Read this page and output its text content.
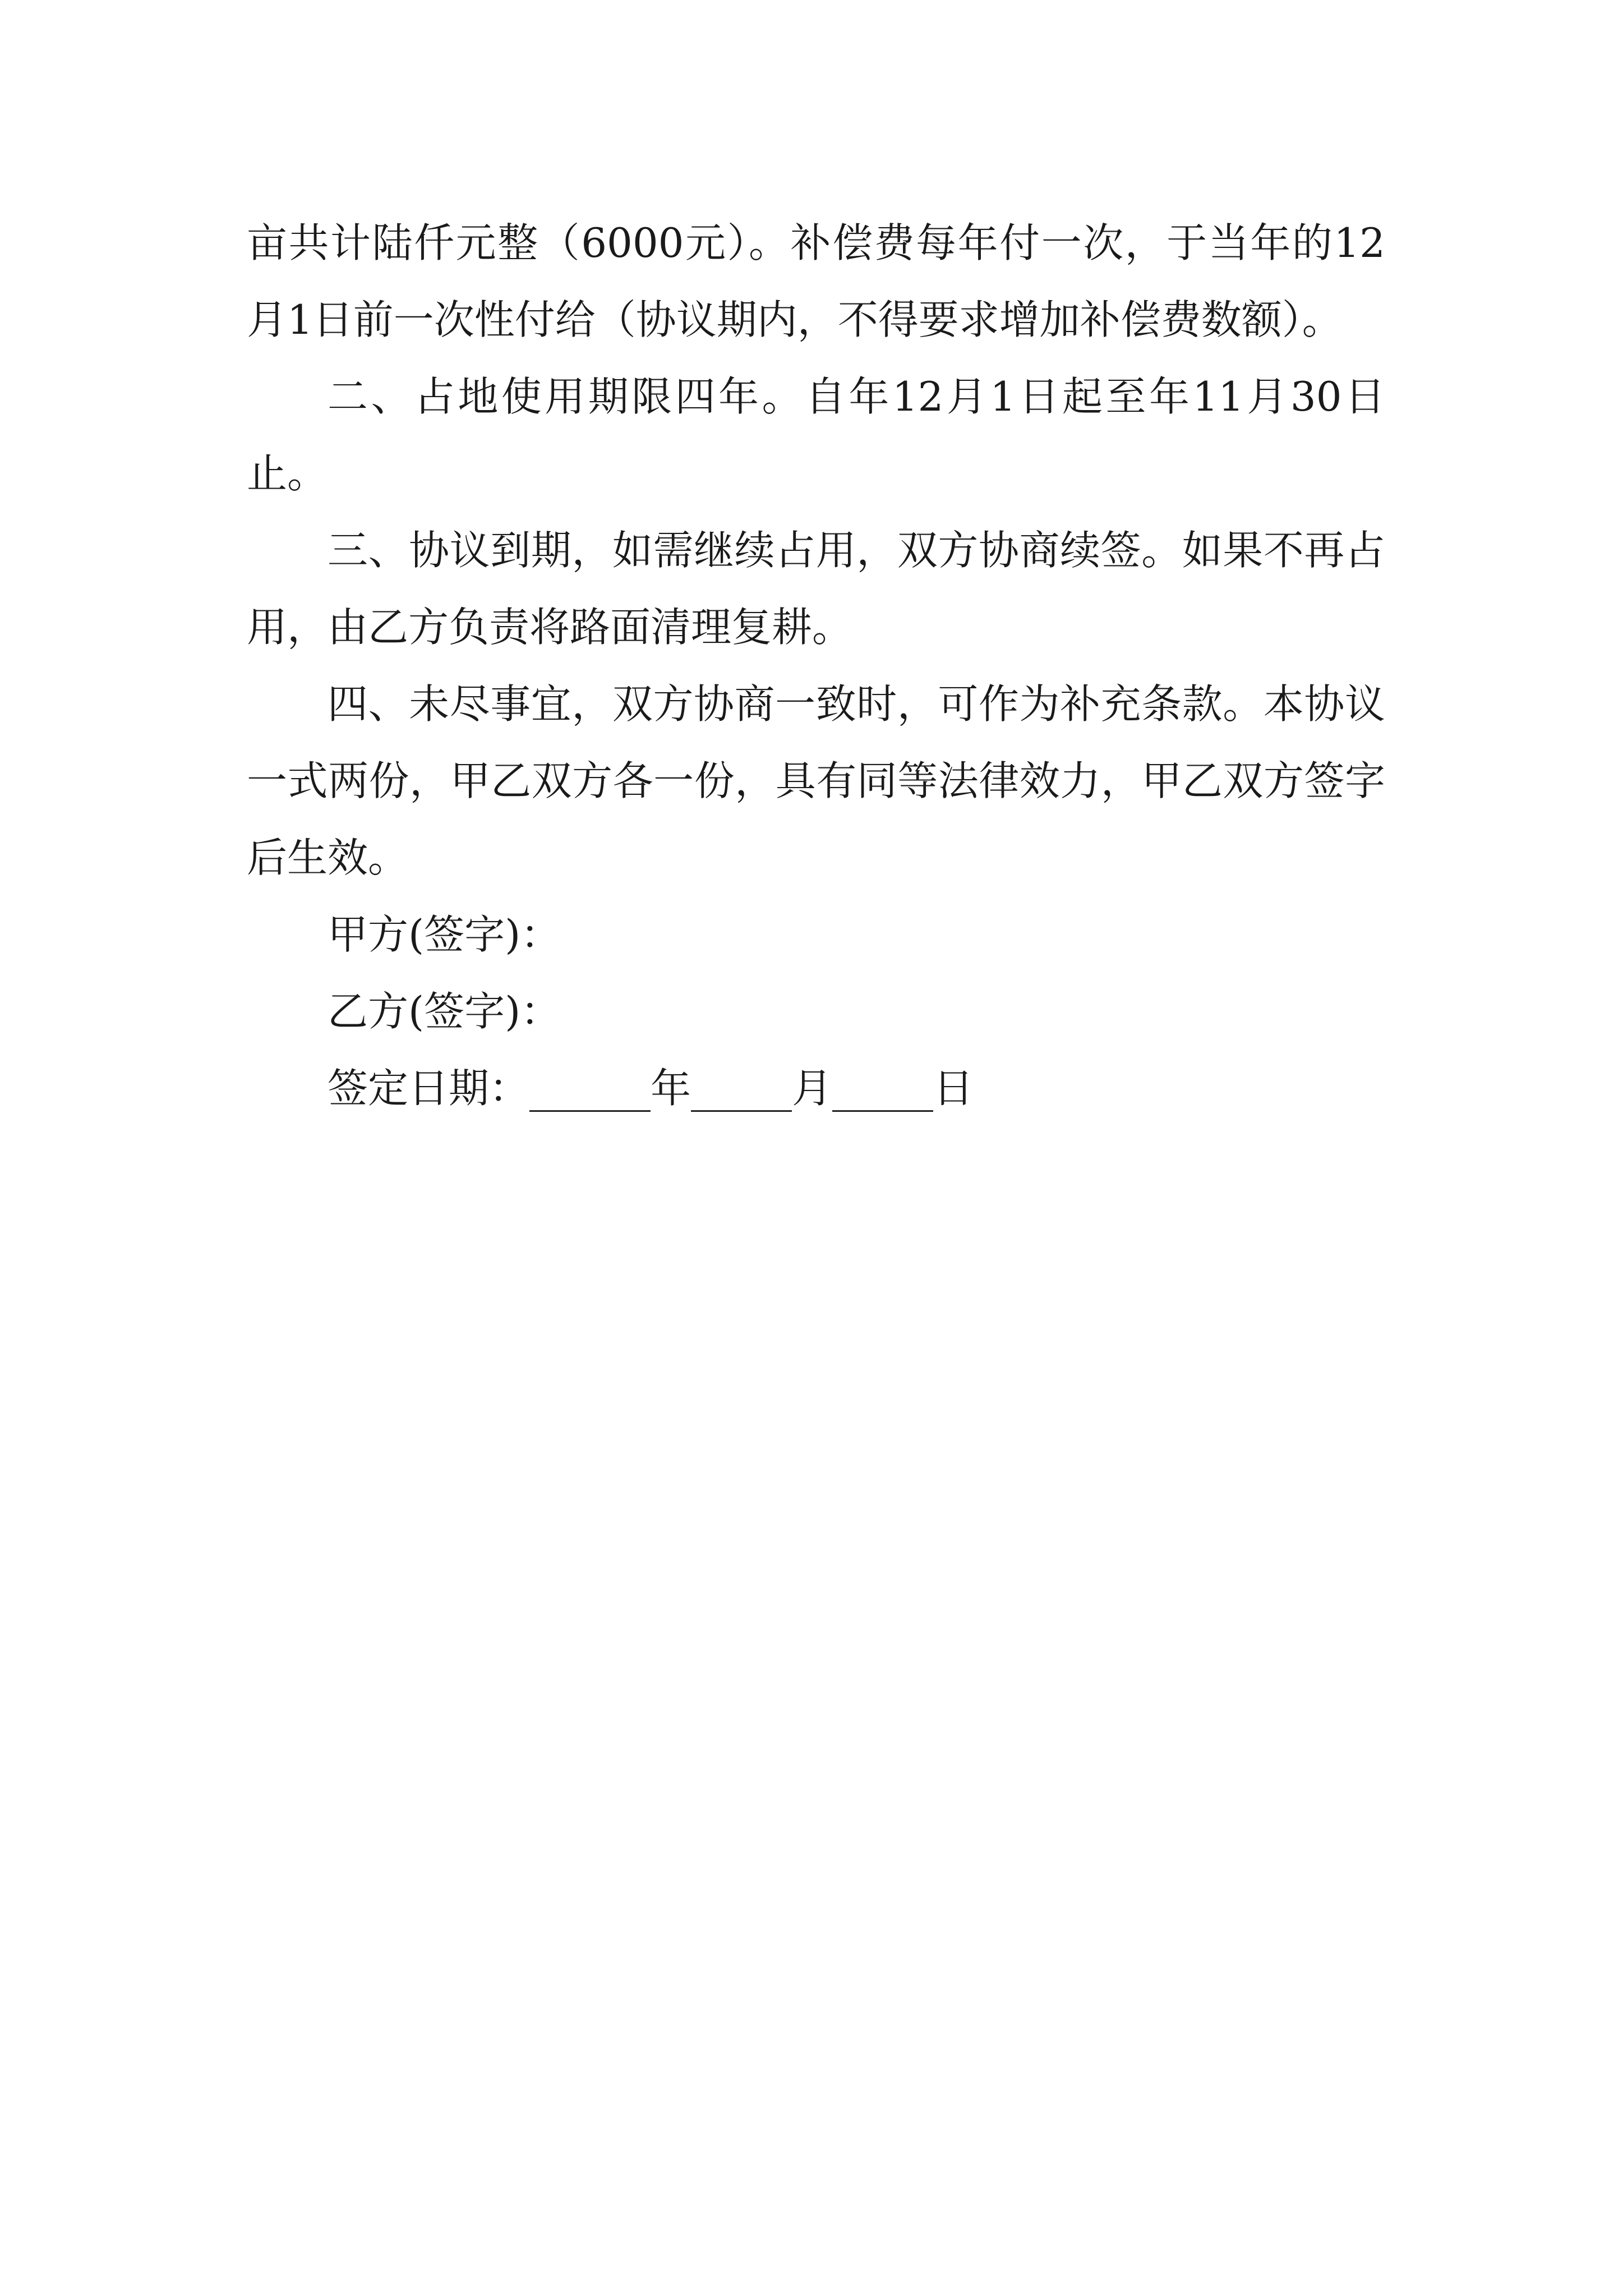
亩共计陆仟元整（6000元）。补偿费每年付一次，于当年的12月1日前一次性付给（协议期内，不得要求增加补偿费数额）。

二、占地使用期限四年。自年12月1日起至年11月30日止。

三、协议到期，如需继续占用，双方协商续签。如果不再占用，由乙方负责将路面清理复耕。

四、未尽事宜，双方协商一致时，可作为补充条款。本协议一式两份，甲乙双方各一份，具有同等法律效力，甲乙双方签字后生效。

甲方(签字)：

乙方(签字)：

签定日期：______年_____月_____日
